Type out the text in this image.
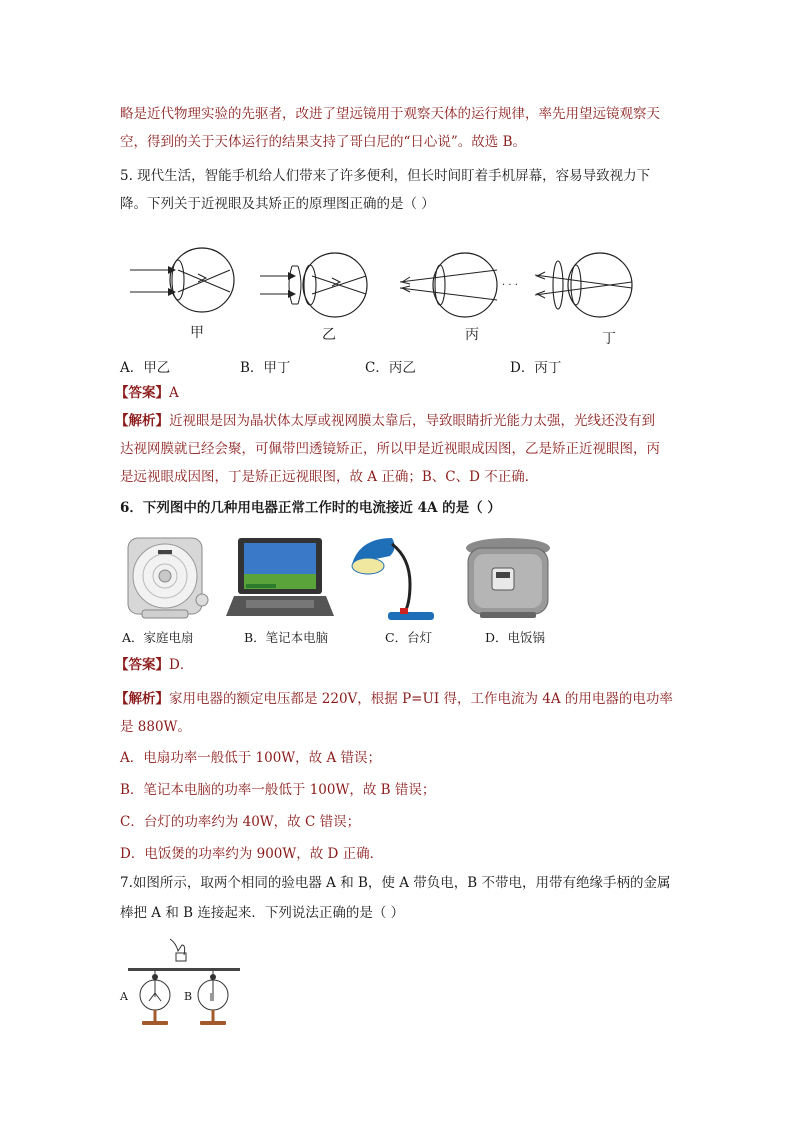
略是近代物理实验的先驱者，改进了望远镜用于观察天体的运行规律，率先用望远镜观察天
空，得到的关于天体运行的结果支持了哥白尼的“日心说”。故选 B。
5. 现代生活，智能手机给人们带来了许多便利，但长时间盯着手机屏幕，容易导致视力下
降。下列关于近视眼及其矫正的原理图正确的是（ ）
· · ·
甲	乙	丙	丁
A．甲乙	B．甲丁	C．丙乙	D．丙丁
【答案】A
【解析】近视眼是因为晶状体太厚或视网膜太靠后，导致眼睛折光能力太强，光线还没有到
达视网膜就已经会聚，可佩带凹透镜矫正，所以甲是近视眼成因图，乙是矫正近视眼图，丙
是远视眼成因图，丁是矫正远视眼图，故 A 正确；B、C、D 不正确．
6．下列图中的几种用电器正常工作时的电流接近 4A 的是（ ）
A．家庭电扇	B．笔记本电脑	C．台灯	D．电饭锅
【答案】D．
【解析】家用电器的额定电压都是 220V，根据 P=UI 得，工作电流为 4A 的用电器的电功率
是 880W。
A．电扇功率一般低于 100W，故 A 错误；
B．笔记本电脑的功率一般低于 100W，故 B 错误；
C．台灯的功率约为 40W，故 C 错误；
D．电饭煲的功率约为 900W，故 D 正确．
7.如图所示，取两个相同的验电器 A 和 B，使 A 带负电，B 不带电，用带有绝缘手柄的金属
棒把 A 和 B 连接起来．下列说法正确的是（ ）
A	B
